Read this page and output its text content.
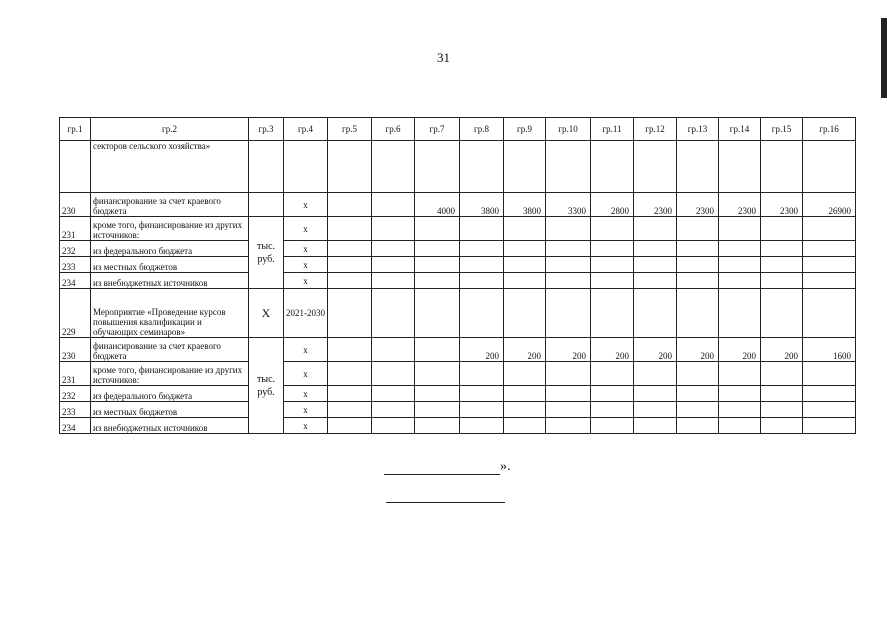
31
гр.1	гр.2	гр.3	гр.4	гр.5	гр.6	гр.7	гр.8	гр.9	гр.10	гр.11	гр.12	гр.13	гр.14	гр.15	гр.16
	секторов сельского хозяйства»														
230	финансирование за счет краевого бюджета		х			4000	3800	3800	3300	2800	2300	2300	2300	2300	26900
231	кроме того, финансирование из других источников:	тыс. руб.	х												
232	из федерального бюджета		х												
233	из местных бюджетов		х												
234	из внебюджетных источников		х												
229	Мероприятие «Проведение курсов повышения квалификации и обучающих семинаров»	Х	2021-2030												
230	финансирование за счет краевого бюджета	тыс. руб.	х				200	200	200	200	200	200	200	200	1600
231	кроме того, финансирование из других источников:		х												
232	из федерального бюджета		х												
233	из местных бюджетов		х												
234	из внебюджетных источников		х												
».
